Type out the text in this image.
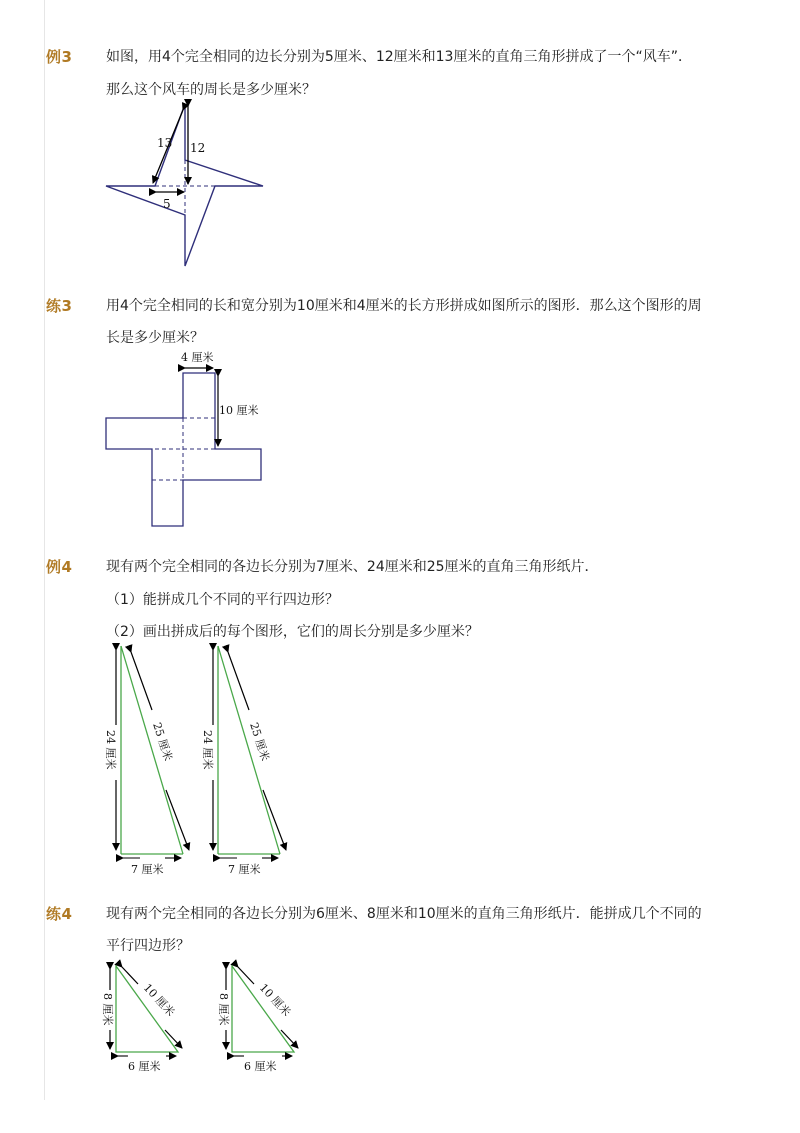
例3 如图，用4个完全相同的边长分别为5厘米、12厘米和13厘米的直角三角形拼成了一个“风车”．
那么这个风车的周长是多少厘米？
13 12
5
练3 用4个完全相同的长和宽分别为10厘米和4厘米的长方形拼成如图所示的图形．那么这个图形的周
长是多少厘米？
4 厘米
10 厘米
例4 现有两个完全相同的各边长分别为7厘米、24厘米和25厘米的直角三角形纸片．
（1）能拼成几个不同的平行四边形？
（2）画出拼成后的每个图形，它们的周长分别是多少厘米？
24 厘米	25 厘米
7 厘米
24 厘米	25 厘米
7 厘米
练4 现有两个完全相同的各边长分别为6厘米、8厘米和10厘米的直角三角形纸片．能拼成几个不同的
平行四边形？
8 厘米 10 厘米
6 厘米
8 厘米 10 厘米
6 厘米
